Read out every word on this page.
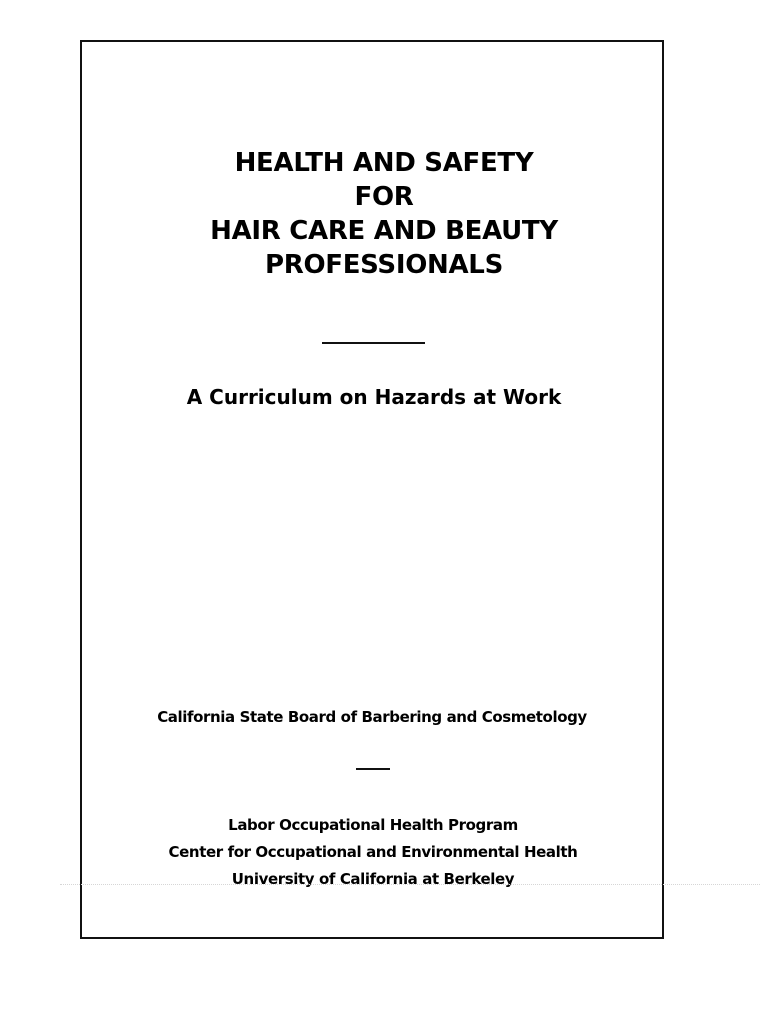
HEALTH AND SAFETY
FOR
HAIR CARE AND BEAUTY
PROFESSIONALS
A Curriculum on Hazards at Work
California State Board of Barbering and Cosmetology
Labor Occupational Health Program
Center for Occupational and Environmental Health
University of California at Berkeley
